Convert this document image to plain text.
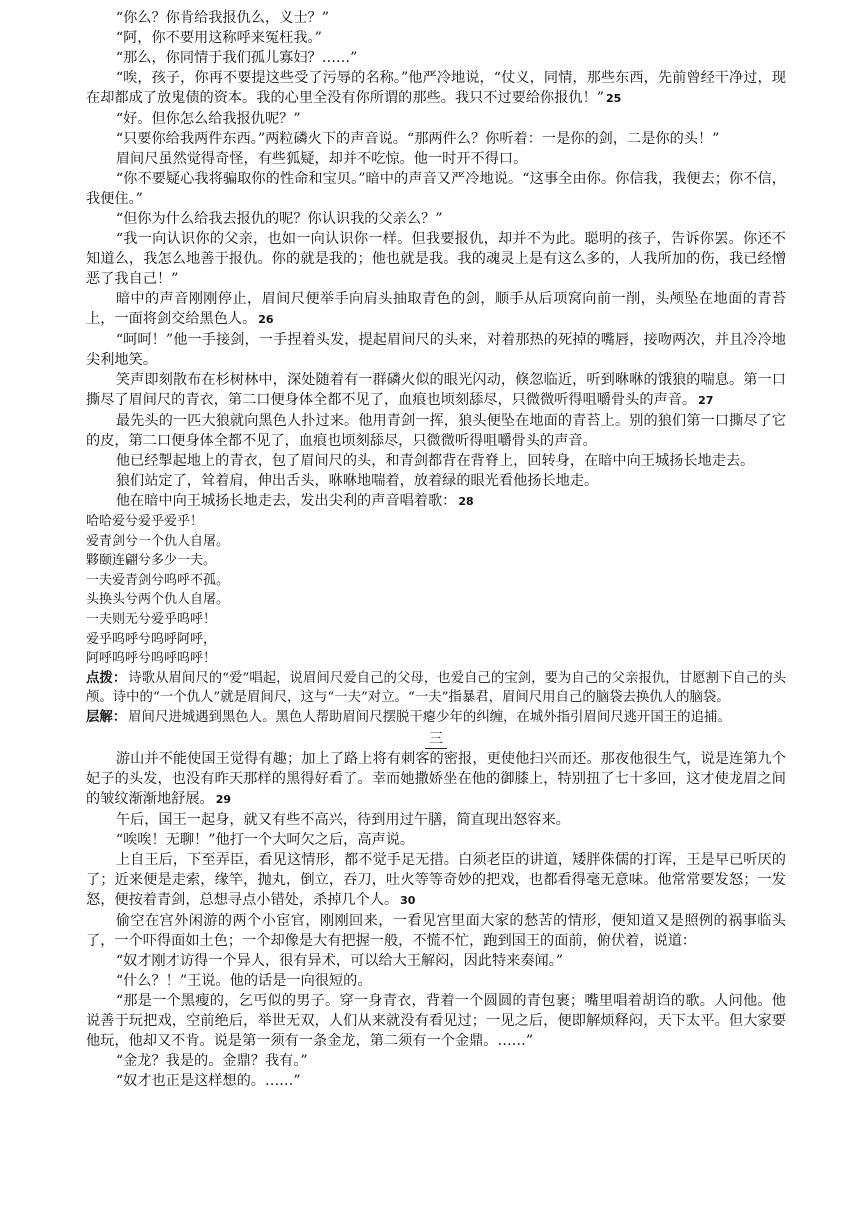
“你么？你肯给我报仇么，义士？”

“阿，你不要用这称呼来冤枉我。”

“那么，你同情于我们孤儿寡妇？……”

“唉，孩子，你再不要提这些受了污辱的名称。”他严冷地说，“仗义，同情，那些东西，先前曾经干净过，现在却都成了放鬼债的资本。我的心里全没有你所谓的那些。我只不过要给你报仇！” 25

“好。但你怎么给我报仇呢？”

“只要你给我两件东西。”两粒磷火下的声音说。“那两件么？你听着：一是你的剑，二是你的头！”

眉间尺虽然觉得奇怪，有些狐疑，却并不吃惊。他一时开不得口。

“你不要疑心我将骗取你的性命和宝贝。”暗中的声音又严冷地说。“这事全由你。你信我，我便去；你不信，我便住。”

“但你为什么给我去报仇的呢？你认识我的父亲么？”

“我一向认识你的父亲，也如一向认识你一样。但我要报仇，却并不为此。聪明的孩子，告诉你罢。你还不知道么，我怎么地善于报仇。你的就是我的；他也就是我。我的魂灵上是有这么多的，人我所加的伤，我已经憎恶了我自己！”

暗中的声音刚刚停止，眉间尺便举手向肩头抽取青色的剑，顺手从后项窝向前一削，头颅坠在地面的青苔上，一面将剑交给黑色人。 26

“呵呵！”他一手接剑，一手捏着头发，提起眉间尺的头来，对着那热的死掉的嘴唇，接吻两次，并且冷冷地尖利地笑。

笑声即刻散布在杉树林中，深处随着有一群磷火似的眼光闪动，倏忽临近，听到咻咻的饿狼的喘息。第一口撕尽了眉间尺的青衣，第二口便身体全都不见了，血痕也顷刻舔尽，只微微听得咀嚼骨头的声音。 27

最先头的一匹大狼就向黑色人扑过来。他用青剑一挥，狼头便坠在地面的青苔上。别的狼们第一口撕尽了它的皮，第二口便身体全都不见了，血痕也顷刻舔尽，只微微听得咀嚼骨头的声音。

他已经掣起地上的青衣，包了眉间尺的头，和青剑都背在背脊上，回转身，在暗中向王城扬长地走去。

狼们站定了，耸着肩，伸出舌头，咻咻地喘着，放着绿的眼光看他扬长地走。

他在暗中向王城扬长地走去，发出尖利的声音唱着歌： 28

哈哈爱兮爱乎爱乎！

爱青剑兮一个仇人自屠。

夥颐连翩兮多少一夫。

一夫爱青剑兮呜呼不孤。

头换头兮两个仇人自屠。

一夫则无兮爱乎呜呼！

爱乎呜呼兮呜呼阿呼，

阿呼呜呼兮呜呼呜呼！

点拨： 诗歌从眉间尺的“爱”唱起，说眉间尺爱自己的父母，也爱自己的宝剑，要为自己的父亲报仇，甘愿割下自己的头颅。诗中的“一个仇人”就是眉间尺，这与“一夫”对立。“一夫”指暴君，眉间尺用自己的脑袋去换仇人的脑袋。

层解： 眉间尺进城遇到黑色人。黑色人帮助眉间尺摆脱干瘪少年的纠缠，在城外指引眉间尺逃开国王的追捕。

三

游山并不能使国王觉得有趣；加上了路上将有刺客的密报，更使他扫兴而还。那夜他很生气，说是连第九个妃子的头发，也没有昨天那样的黑得好看了。幸而她撒娇坐在他的御膝上，特别扭了七十多回，这才使龙眉之间的皱纹渐渐地舒展。 29

午后，国王一起身，就又有些不高兴，待到用过午膳，简直现出怒容来。

“唉唉！无聊！”他打一个大呵欠之后，高声说。

上自王后，下至弄臣，看见这情形，都不觉手足无措。白须老臣的讲道，矮胖侏儒的打诨，王是早已听厌的了；近来便是走索，缘竿，抛丸，倒立，吞刀，吐火等等奇妙的把戏，也都看得毫无意味。他常常要发怒；一发怒，便按着青剑，总想寻点小错处，杀掉几个人。 30

偷空在宫外闲游的两个小宦官，刚刚回来，一看见宫里面大家的愁苦的情形，便知道又是照例的祸事临头了，一个吓得面如土色；一个却像是大有把握一般，不慌不忙，跑到国王的面前，俯伏着，说道：

“奴才刚才访得一个异人，很有异术，可以给大王解闷，因此特来奏闻。”

“什么？！”王说。他的话是一向很短的。

“那是一个黑瘦的，乞丐似的男子。穿一身青衣，背着一个圆圆的青包裹；嘴里唱着胡诌的歌。人问他。他说善于玩把戏，空前绝后，举世无双，人们从来就没有看见过；一见之后，便即解烦释闷，天下太平。但大家要他玩，他却又不肯。说是第一须有一条金龙，第二须有一个金鼎。……”

“金龙？我是的。金鼎？我有。”

“奴才也正是这样想的。……”
